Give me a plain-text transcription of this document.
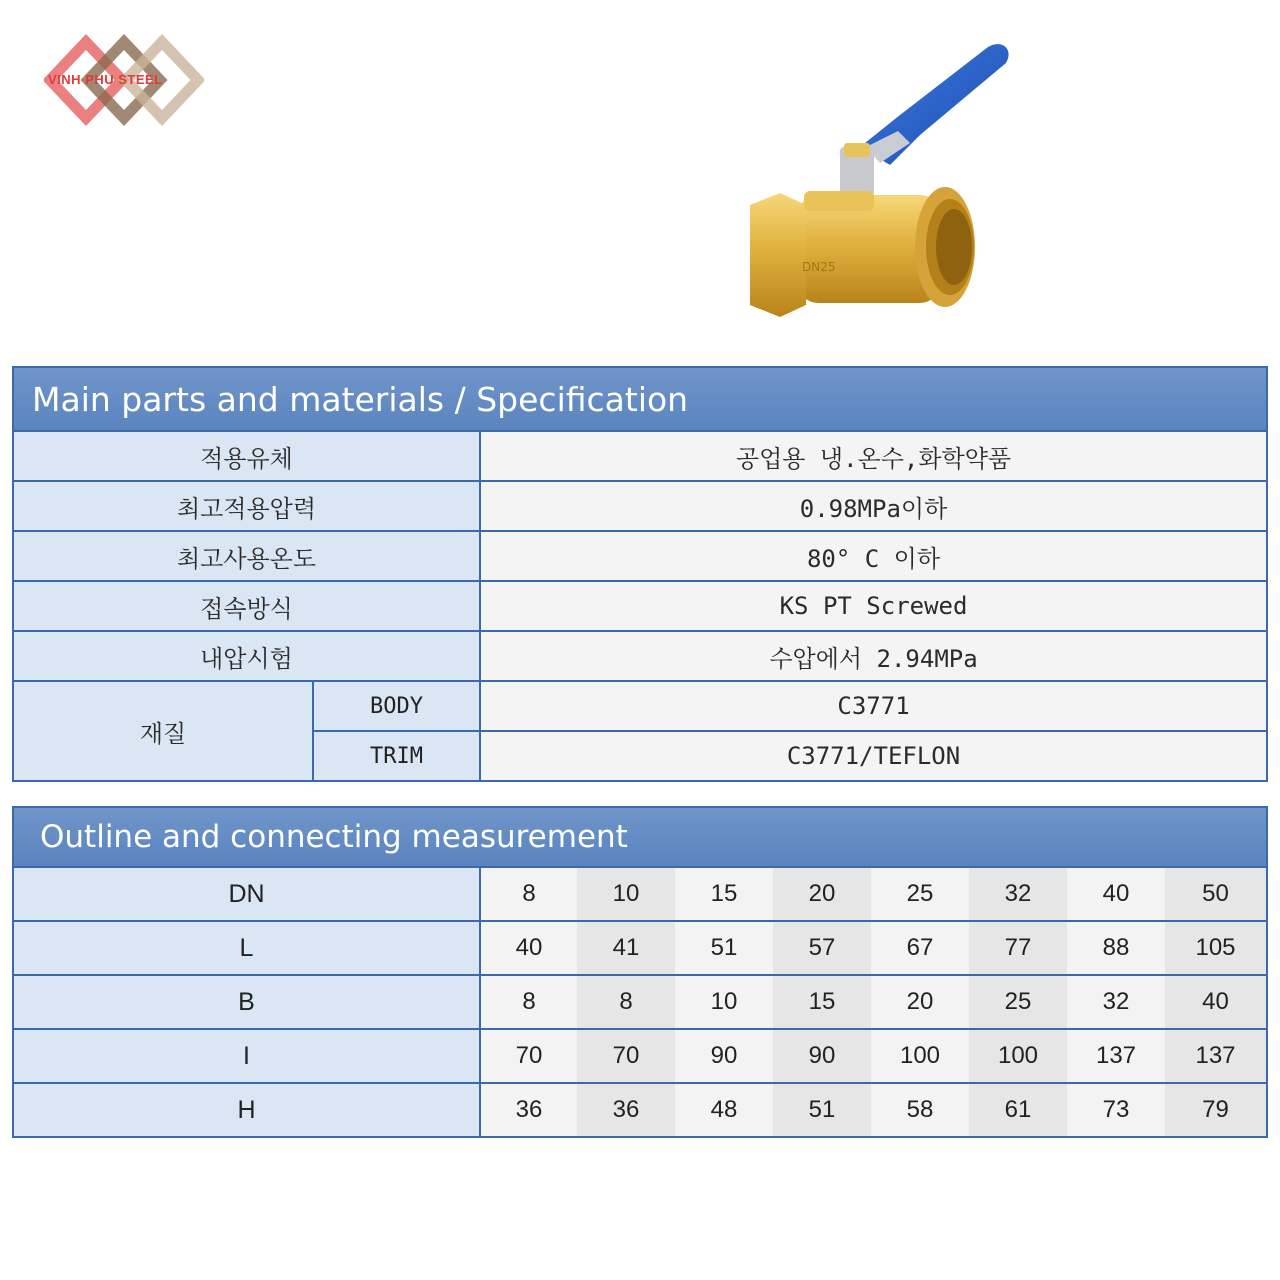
VINH PHU STEEL
DN25
Main parts and materials / Specification		
적용유체		공업용 냉.온수,화학약품
최고적용압력		0.98MPa이하
최고사용온도		80° C 이하
접속방식		KS PT Screwed
내압시험		수압에서 2.94MPa
재질	BODY	C3771
	TRIM	C3771/TEFLON
Outline and connecting measurement								
DN	8	10	15	20	25	32	40	50
L	40	41	51	57	67	77	88	105
B	8	8	10	15	20	25	32	40
I	70	70	90	90	100	100	137	137
H	36	36	48	51	58	61	73	79
